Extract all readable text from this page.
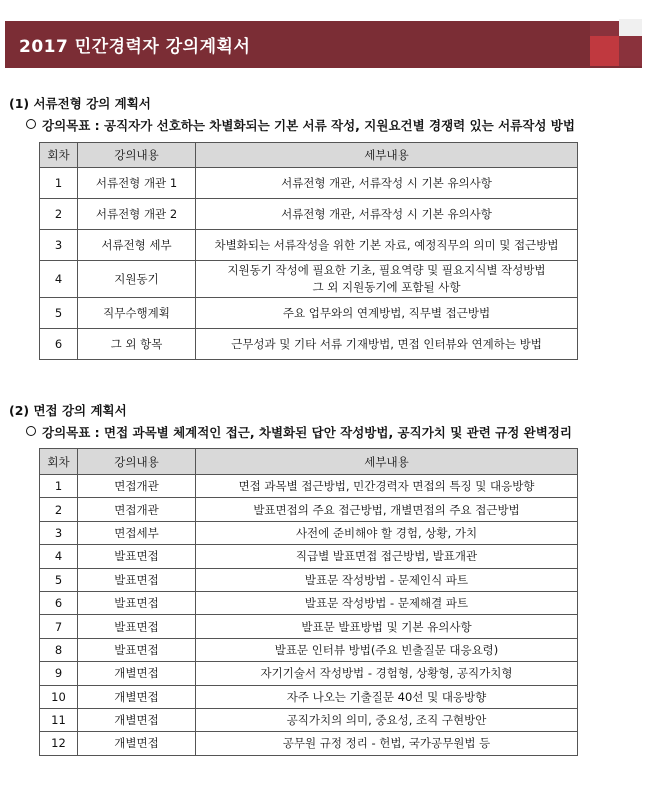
2017 민간경력자 강의계획서
(1) 서류전형 강의 계획서
강의목표 : 공직자가 선호하는 차별화되는 기본 서류 작성, 지원요건별 경쟁력 있는 서류작성 방법
회차	강의내용	세부내용
1	서류전형 개관 1	서류전형 개관, 서류작성 시 기본 유의사항
2	서류전형 개관 2	서류전형 개관, 서류작성 시 기본 유의사항
3	서류전형 세부	차별화되는 서류작성을 위한 기본 자료, 예정직무의 의미 및 접근방법
4	지원동기	지원동기 작성에 필요한 기초, 필요역량 및 필요지식별 작성방법
그 외 지원동기에 포함될 사항

5	직무수행계획	주요 업무와의 연계방법, 직무별 접근방법
6	그 외 항목	근무성과 및 기타 서류 기재방법, 면접 인터뷰와 연계하는 방법
(2) 면접 강의 계획서
강의목표 : 면접 과목별 체계적인 접근, 차별화된 답안 작성방법, 공직가치 및 관련 규정 완벽정리
회차	강의내용	세부내용
1	면접개관	면접 과목별 접근방법, 민간경력자 면접의 특징 및 대응방향
2	면접개관	발표면접의 주요 접근방법, 개별면접의 주요 접근방법
3	면접세부	사전에 준비해야 할 경험, 상황, 가치
4	발표면접	직급별 발표면접 접근방법, 발표개관
5	발표면접	발표문 작성방법 - 문제인식 파트
6	발표면접	발표문 작성방법 - 문제해결 파트
7	발표면접	발표문 발표방법 및 기본 유의사항
8	발표면접	발표문 인터뷰 방법(주요 빈출질문 대응요령)
9	개별면접	자기기술서 작성방법 - 경험형, 상황형, 공직가치형
10	개별면접	자주 나오는 기출질문 40선 및 대응방향
11	개별면접	공직가치의 의미, 중요성, 조직 구현방안
12	개별면접	공무원 규정 정리 - 헌법, 국가공무원법 등
